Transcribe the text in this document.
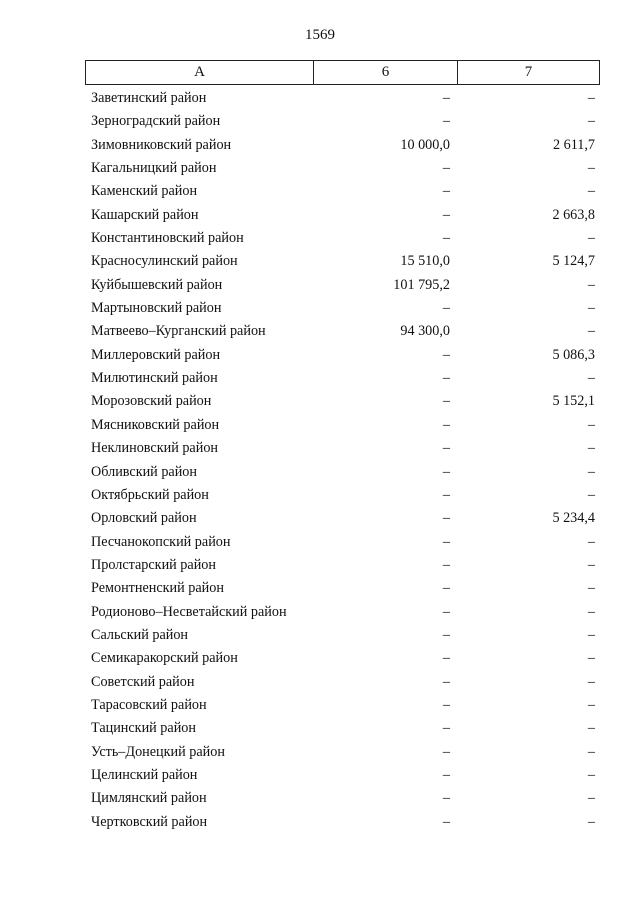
1569
А	6	7
Заветинский район	–	–
Зерноградский район	–	–
Зимовниковский район	10 000,0	2 611,7
Кагальницкий район	–	–
Каменский район	–	–
Кашарский район	–	2 663,8
Константиновский район	–	–
Красносулинский район	15 510,0	5 124,7
Куйбышевский район	101 795,2	–
Мартыновский район	–	–
Матвеево–Курганский район	94 300,0	–
Миллеровский район	–	5 086,3
Милютинский район	–	–
Морозовский район	–	5 152,1
Мясниковский район	–	–
Неклиновский район	–	–
Обливский район	–	–
Октябрьский район	–	–
Орловский район	–	5 234,4
Песчанокопский район	–	–
Пролстарский район	–	–
Ремонтненский район	–	–
Родионово–Несветайский район	–	–
Сальский район	–	–
Семикаракорский район	–	–
Советский район	–	–
Тарасовский район	–	–
Тацинский район	–	–
Усть–Донецкий район	–	–
Целинский район	–	–
Цимлянский район	–	–
Чертковский район	–	–
